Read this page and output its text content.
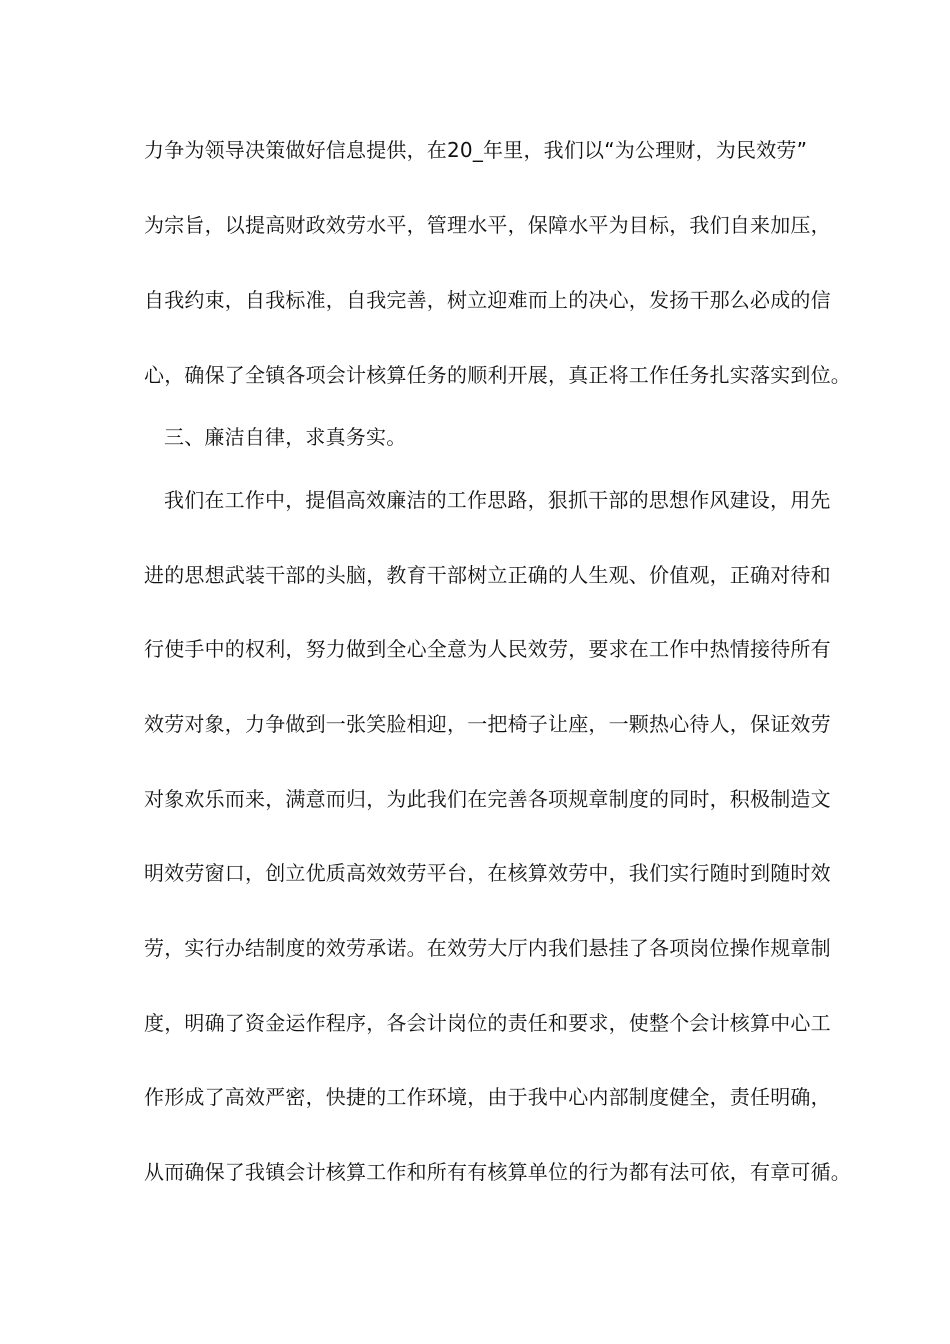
力争为领导决策做好信息提供，在20_年里，我们以“为公理财，为民效劳”
为宗旨，以提高财政效劳水平，管理水平，保障水平为目标，我们自来加压，
自我约束，自我标准，自我完善，树立迎难而上的决心，发扬干那么必成的信
心，确保了全镇各项会计核算任务的顺利开展，真正将工作任务扎实落实到位。
三、廉洁自律，求真务实。
我们在工作中，提倡高效廉洁的工作思路，狠抓干部的思想作风建设，用先
进的思想武装干部的头脑，教育干部树立正确的人生观、价值观，正确对待和
行使手中的权利，努力做到全心全意为人民效劳，要求在工作中热情接待所有
效劳对象，力争做到一张笑脸相迎，一把椅子让座，一颗热心待人，保证效劳
对象欢乐而来，满意而归，为此我们在完善各项规章制度的同时，积极制造文
明效劳窗口，创立优质高效效劳平台，在核算效劳中，我们实行随时到随时效
劳，实行办结制度的效劳承诺。在效劳大厅内我们悬挂了各项岗位操作规章制
度，明确了资金运作程序，各会计岗位的责任和要求，使整个会计核算中心工
作形成了高效严密，快捷的工作环境，由于我中心内部制度健全，责任明确，
从而确保了我镇会计核算工作和所有有核算单位的行为都有法可依，有章可循。
